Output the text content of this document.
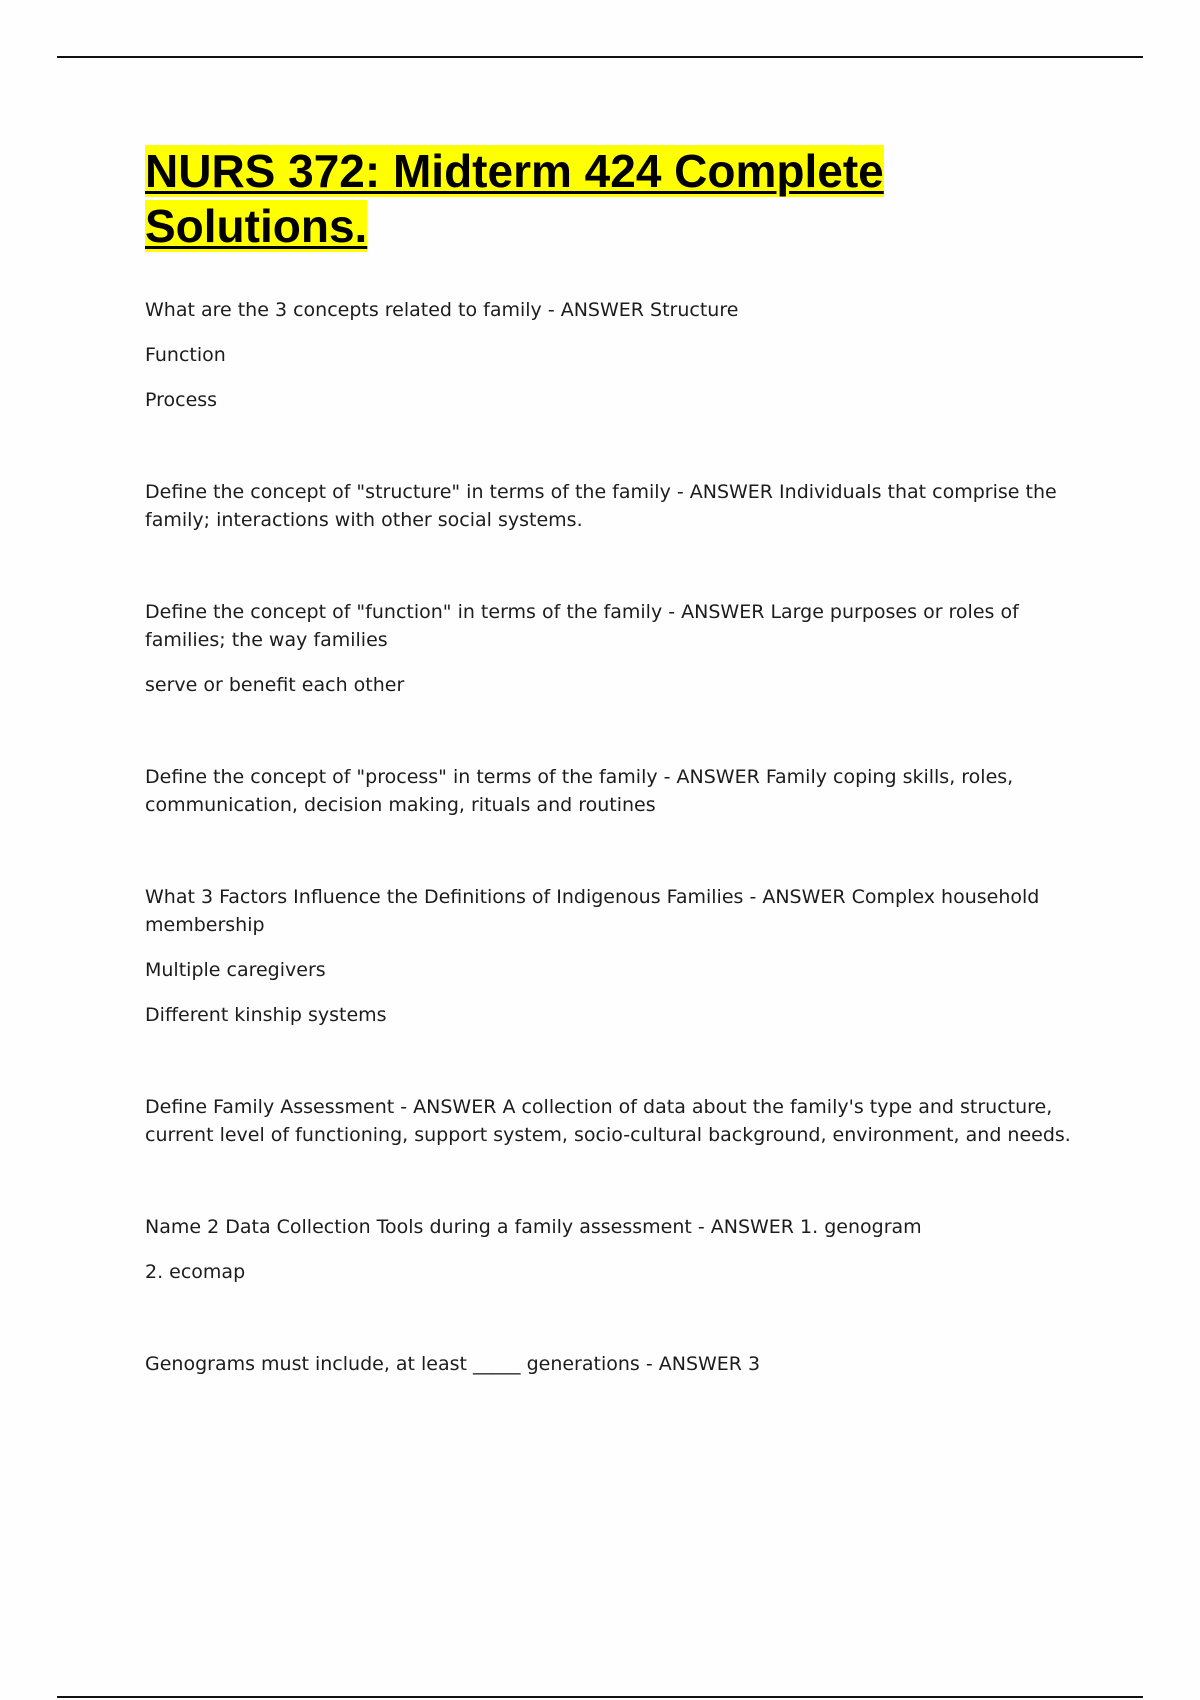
NURS 372: Midterm 424 Complete Solutions.

What are the 3 concepts related to family - ANSWER Structure

Function

Process

Define the concept of "structure" in terms of the family - ANSWER Individuals that comprise the family; interactions with other social systems.

Define the concept of "function" in terms of the family - ANSWER Large purposes or roles of families; the way families

serve or benefit each other

Define the concept of "process" in terms of the family - ANSWER Family coping skills, roles, communication, decision making, rituals and routines

What 3 Factors Influence the Definitions of Indigenous Families - ANSWER Complex household membership

Multiple caregivers

Different kinship systems

Define Family Assessment - ANSWER A collection of data about the family's type and structure, current level of functioning, support system, socio-cultural background, environment, and needs.

Name 2 Data Collection Tools during a family assessment - ANSWER 1. genogram

2. ecomap

Genograms must include, at least _____ generations - ANSWER 3
